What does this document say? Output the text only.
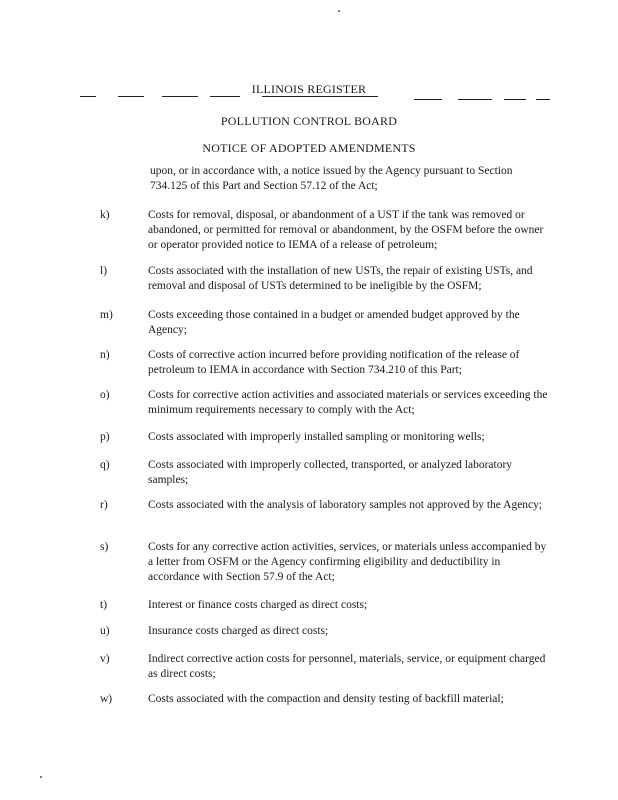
ILLINOIS REGISTER
POLLUTION CONTROL BOARD
NOTICE OF ADOPTED AMENDMENTS
upon, or in accordance with, a notice issued by the Agency pursuant to Section 734.125 of this Part and Section 57.12 of the Act;
k)	Costs for removal, disposal, or abandonment of a UST if the tank was removed or abandoned, or permitted for removal or abandonment, by the OSFM before the owner or operator provided notice to IEMA of a release of petroleum;
l)	Costs associated with the installation of new USTs, the repair of existing USTs, and removal and disposal of USTs determined to be ineligible by the OSFM;
m)	Costs exceeding those contained in a budget or amended budget approved by the Agency;
n)	Costs of corrective action incurred before providing notification of the release of petroleum to IEMA in accordance with Section 734.210 of this Part;
o)	Costs for corrective action activities and associated materials or services exceeding the minimum requirements necessary to comply with the Act;
p)	Costs associated with improperly installed sampling or monitoring wells;
q)	Costs associated with improperly collected, transported, or analyzed laboratory samples;
r)	Costs associated with the analysis of laboratory samples not approved by the Agency;
s)	Costs for any corrective action activities, services, or materials unless accompanied by a letter from OSFM or the Agency confirming eligibility and deductibility in accordance with Section 57.9 of the Act;
t)	Interest or finance costs charged as direct costs;
u)	Insurance costs charged as direct costs;
v)	Indirect corrective action costs for personnel, materials, service, or equipment charged as direct costs;
w)	Costs associated with the compaction and density testing of backfill material;
